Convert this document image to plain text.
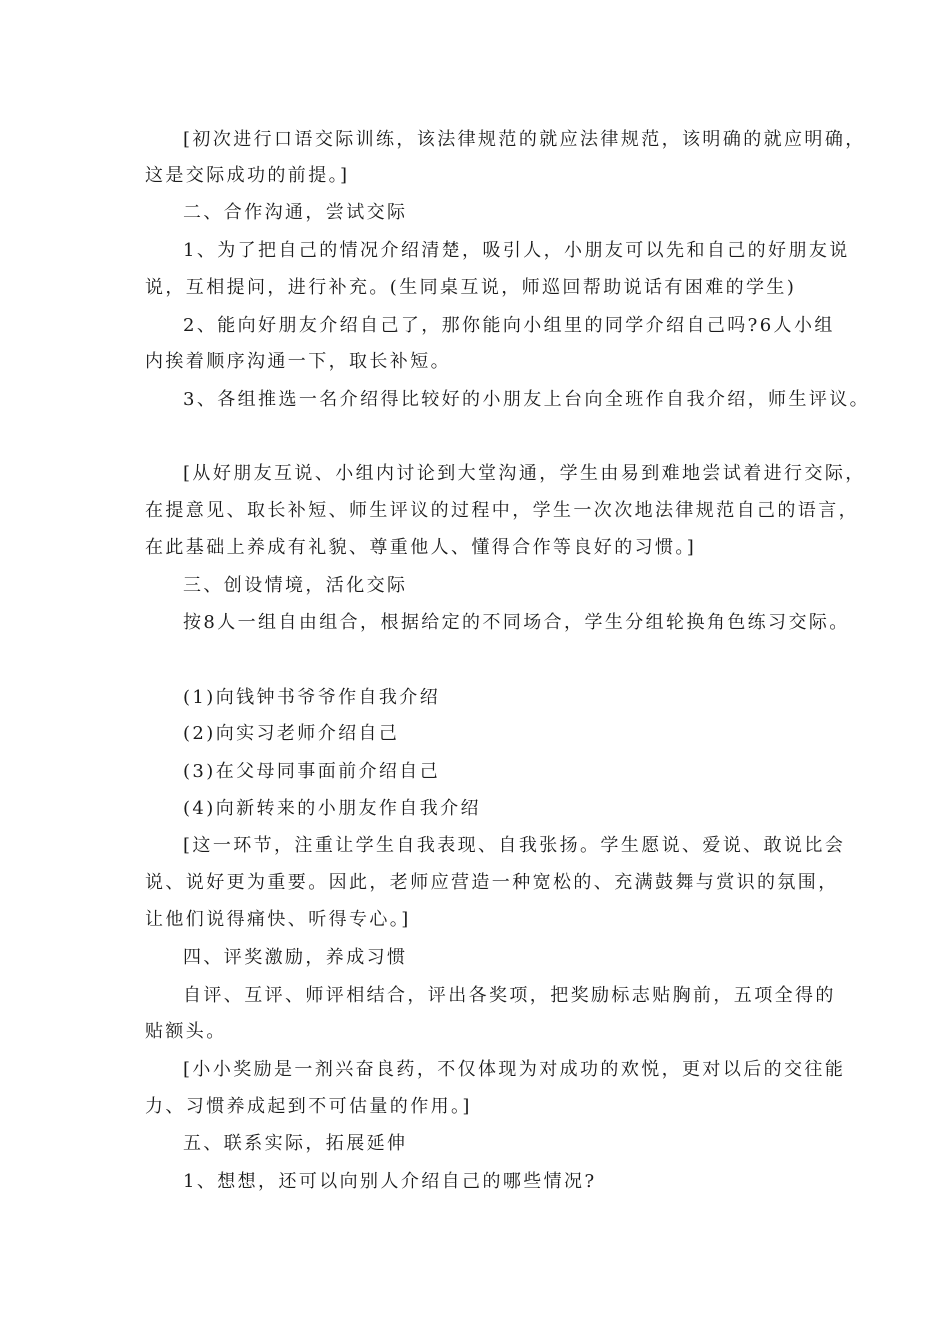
[初次进行口语交际训练，该法律规范的就应法律规范，该明确的就应明确，
这是交际成功的前提。]
二、合作沟通，尝试交际
1、为了把自己的情况介绍清楚，吸引人，小朋友可以先和自己的好朋友说
说，互相提问，进行补充。(生同桌互说，师巡回帮助说话有困难的学生)
2、能向好朋友介绍自己了，那你能向小组里的同学介绍自己吗?6人小组
内挨着顺序沟通一下，取长补短。
3、各组推选一名介绍得比较好的小朋友上台向全班作自我介绍，师生评议。
[从好朋友互说、小组内讨论到大堂沟通，学生由易到难地尝试着进行交际，
在提意见、取长补短、师生评议的过程中，学生一次次地法律规范自己的语言，
在此基础上养成有礼貌、尊重他人、懂得合作等良好的习惯。]
三、创设情境，活化交际
按8人一组自由组合，根据给定的不同场合，学生分组轮换角色练习交际。
(1)向钱钟书爷爷作自我介绍
(2)向实习老师介绍自己
(3)在父母同事面前介绍自己
(4)向新转来的小朋友作自我介绍
[这一环节，注重让学生自我表现、自我张扬。学生愿说、爱说、敢说比会
说、说好更为重要。因此，老师应营造一种宽松的、充满鼓舞与赏识的氛围，
让他们说得痛快、听得专心。]
四、评奖激励，养成习惯
自评、互评、师评相结合，评出各奖项，把奖励标志贴胸前，五项全得的
贴额头。
[小小奖励是一剂兴奋良药，不仅体现为对成功的欢悦，更对以后的交往能
力、习惯养成起到不可估量的作用。]
五、联系实际，拓展延伸
1、想想，还可以向别人介绍自己的哪些情况?
